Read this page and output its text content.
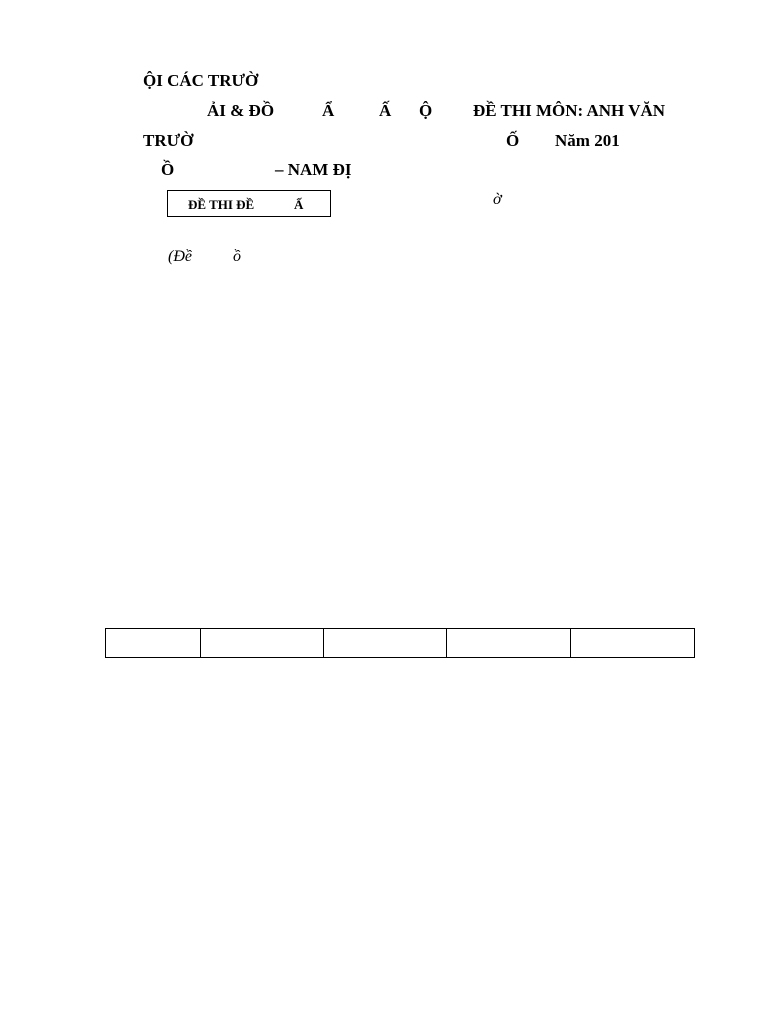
ỘI CÁC TRƯỜ
ẢI & ĐỒ	Ẩ	Ấ Ộ ĐỀ THI MÔN: ANH VĂN
TRƯỜ	Ố Năm 201
Ồ	– NAM ĐỊ
ĐỀ THI ĐỀ	Ấ	ờ
(Đề	ồ
